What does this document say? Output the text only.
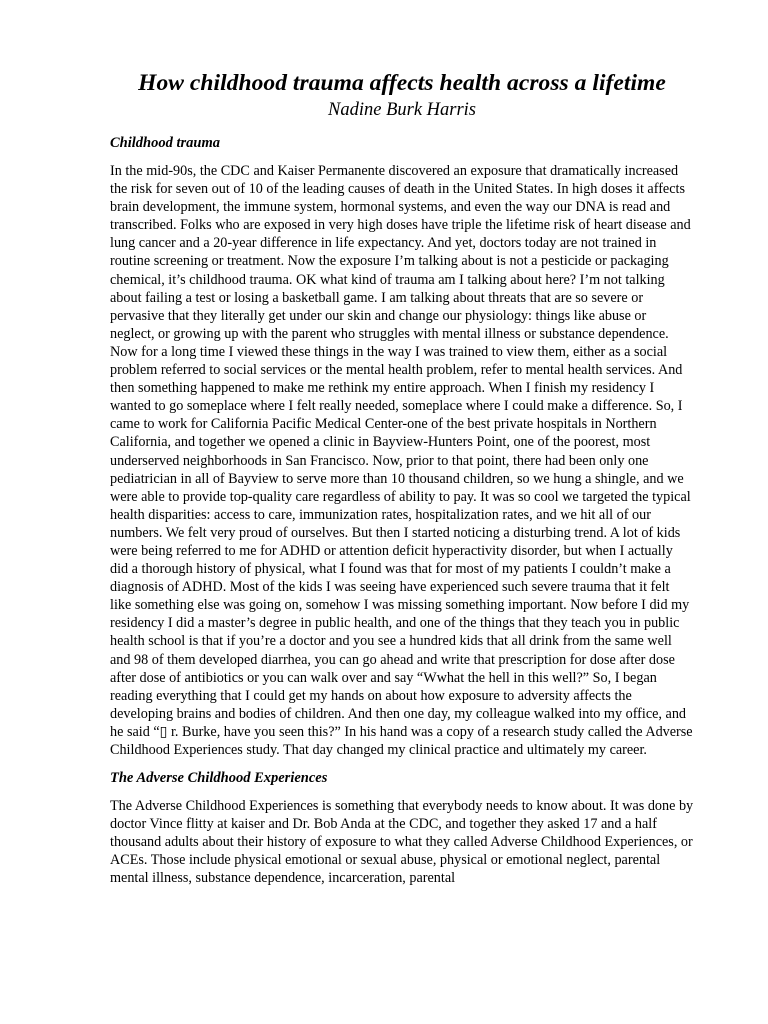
How childhood trauma affects health across a lifetime
Nadine Burk Harris
Childhood trauma

In the mid-90s, the CDC and Kaiser Permanente discovered an exposure that dramatically increased the risk for seven out of 10 of the leading causes of death in the United States. In high doses it affects brain development, the immune system, hormonal systems, and even the way our DNA is read and transcribed. Folks who are exposed in very high doses have triple the lifetime risk of heart disease and lung cancer and a 20-year difference in life expectancy. And yet, doctors today are not trained in routine screening or treatment. Now the exposure I’m talking about is not a pesticide or packaging chemical, it’s childhood trauma. OK what kind of trauma am I talking about here? I’m not talking about failing a test or losing a basketball game. I am talking about threats that are so severe or pervasive that they literally get under our skin and change our physiology: things like abuse or neglect, or growing up with the parent who struggles with mental illness or substance dependence. Now for a long time I viewed these things in the way I was trained to view them, either as a social problem referred to social services or the mental health problem, refer to mental health services. And then something happened to make me rethink my entire approach. When I finish my residency I wanted to go someplace where I felt really needed, someplace where I could make a difference. So, I came to work for California Pacific Medical Center-one of the best private hospitals in Northern California, and together we opened a clinic in Bayview-Hunters Point, one of the poorest, most underserved neighborhoods in San Francisco. Now, prior to that point, there had been only one pediatrician in all of Bayview to serve more than 10 thousand children, so we hung a shingle, and we were able to provide top-quality care regardless of ability to pay. It was so cool we targeted the typical health disparities: access to care, immunization rates, hospitalization rates, and we hit all of our numbers. We felt very proud of ourselves. But then I started noticing a disturbing trend. A lot of kids were being referred to me for ADHD or attention deficit hyperactivity disorder, but when I actually did a thorough history of physical, what I found was that for most of my patients I couldn’t make a diagnosis of ADHD. Most of the kids I was seeing have experienced such severe trauma that it felt like something else was going on, somehow I was missing something important. Now before I did my residency I did a master’s degree in public health, and one of the things that they teach you in public health school is that if you’re a doctor and you see a hundred kids that all drink from the same well and 98 of them developed diarrhea, you can go ahead and write that prescription for dose after dose after dose of antibiotics or you can walk over and say “Wwhat the hell in this well?” So, I began reading everything that I could get my hands on about how exposure to adversity affects the developing brains and bodies of children. And then one day, my colleague walked into my office, and he said “▯ r. Burke, have you seen this?” In his hand was a copy of a research study called the Adverse Childhood Experiences study. That day changed my clinical practice and ultimately my career.

The Adverse Childhood Experiences

The Adverse Childhood Experiences is something that everybody needs to know about. It was done by doctor Vince flitty at kaiser and Dr. Bob Anda at the CDC, and together they asked 17 and a half thousand adults about their history of exposure to what they called Adverse Childhood Experiences, or ACEs. Those include physical emotional or sexual abuse, physical or emotional neglect, parental mental illness, substance dependence, incarceration, parental
